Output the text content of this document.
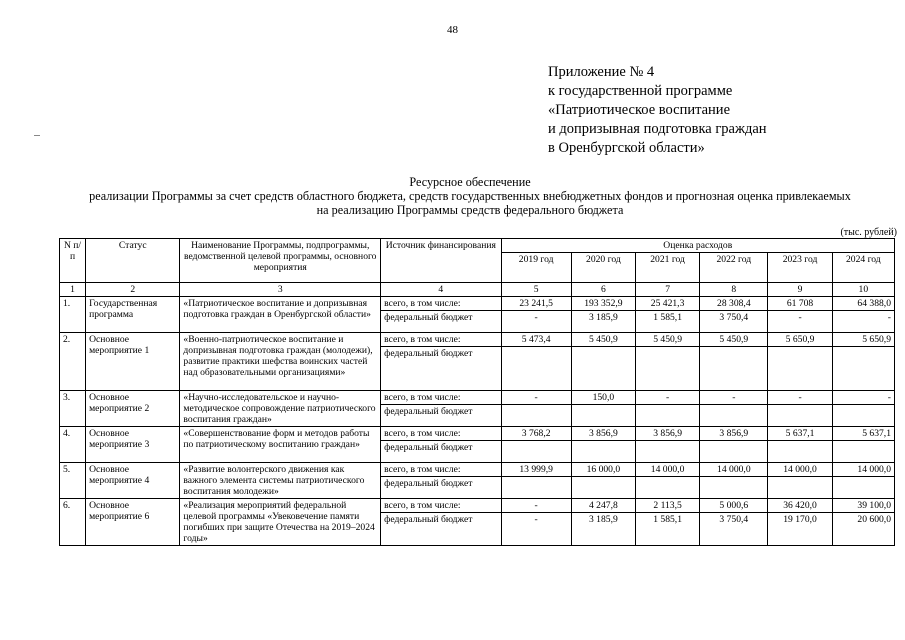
48
Приложение № 4
к государственной программе
«Патриотическое воспитание
и допризывная подготовка граждан
в Оренбургской области»
Ресурсное обеспечение
реализации Программы за счет средств областного бюджета, средств государственных внебюджетных фондов и прогнозная оценка привлекаемых
на реализацию Программы средств федерального бюджета
(тыс. рублей)
N п/п	Статус	Наименование Программы, подпрограммы, ведомственной целевой программы, основного мероприятия	Источник финансирования	Оценка расходов					
				2019 год	2020 год	2021 год	2022 год	2023 год	2024 год
1	2	3	4	5	6	7	8	9	10
1.	Государственная программа	«Патриотическое воспитание и допризывная подготовка граждан в Оренбургской области»	всего, в том числе:	23 241,5	193 352,9	25 421,3	28 308,4	61 708	64 388,0
			федеральный бюджет	-	3 185,9	1 585,1	3 750,4	-	-
2.	Основное мероприятие 1	«Военно-патриотическое воспитание и допризывная подготовка граждан (молодежи), развитие практики шефства воинских частей над образовательными организациями»	всего, в том числе:	5 473,4	5 450,9	5 450,9	5 450,9	5 650,9	5 650,9
			федеральный бюджет						
3.	Основное мероприятие 2	«Научно-исследовательское и научно-методическое сопровождение патриотического воспитания граждан»	всего, в том числе:	-	150,0	-	-	-	-
			федеральный бюджет						
4.	Основное мероприятие 3	«Совершенствование форм и методов работы по патриотическому воспитанию граждан»	всего, в том числе:	3 768,2	3 856,9	3 856,9	3 856,9	5 637,1	5 637,1
			федеральный бюджет						
5.	Основное мероприятие 4	«Развитие волонтерского движения как важного элемента системы патриотического воспитания молодежи»	всего, в том числе:	13 999,9	16 000,0	14 000,0	14 000,0	14 000,0	14 000,0
			федеральный бюджет						
6.	Основное мероприятие 6	«Реализация мероприятий федеральной целевой программы «Увековечение памяти погибших при защите Отечества на 2019–2024 годы»	всего, в том числе:	-	4 247,8	2 113,5	5 000,6	36 420,0	39 100,0
			федеральный бюджет	-	3 185,9	1 585,1	3 750,4	19 170,0	20 600,0
